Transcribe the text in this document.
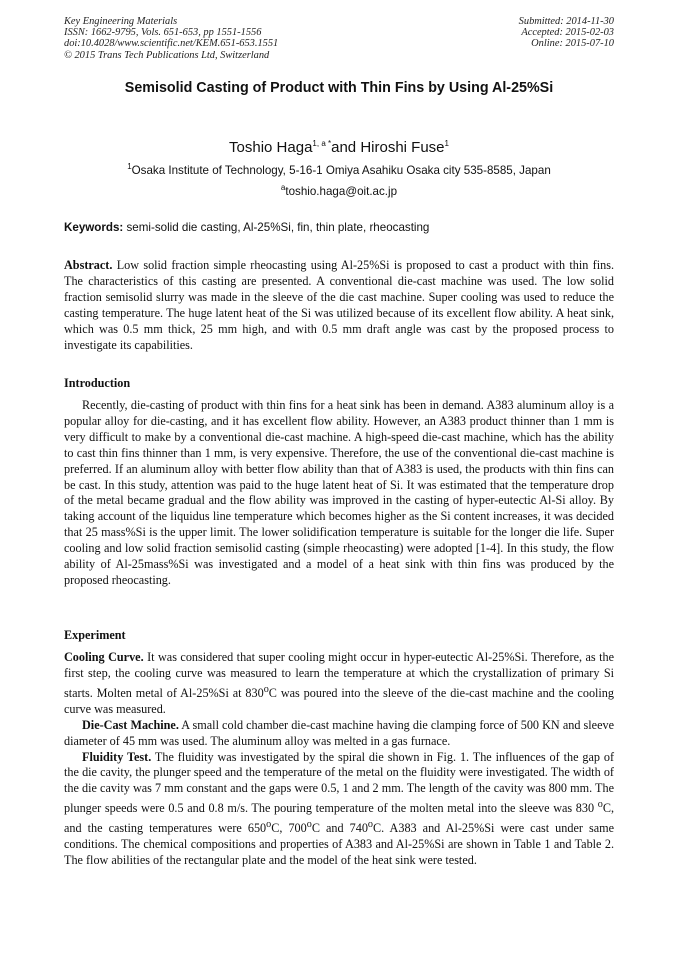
Key Engineering Materials
ISSN: 1662-9795, Vols. 651-653, pp 1551-1556
doi:10.4028/www.scientific.net/KEM.651-653.1551
© 2015 Trans Tech Publications Ltd, Switzerland
Submitted: 2014-11-30
Accepted: 2015-02-03
Online: 2015-07-10
Semisolid Casting of Product with Thin Fins by Using Al-25%Si
Toshio Haga$^{1, a *}$and Hiroshi Fuse$^1$
$^1$Osaka Institute of Technology, 5-16-1 Omiya Asahiku Osaka city 535-8585, Japan
$^a$toshio.haga@oit.ac.jp
Keywords: semi-solid die casting, Al-25%Si, fin, thin plate, rheocasting

Abstract. Low solid fraction simple rheocasting using Al-25%Si is proposed to cast a product with thin fins. The characteristics of this casting are presented. A conventional die-cast machine was used. The low solid fraction semisolid slurry was made in the sleeve of the die cast machine. Super cooling was used to reduce the casting temperature. The huge latent heat of the Si was utilized because of its excellent flow ability. A heat sink, which was 0.5 mm thick, 25 mm high, and with 0.5 mm draft angle was cast by the proposed process to investigate its capabilities.

Introduction

Recently, die-casting of product with thin fins for a heat sink has been in demand. A383 aluminum alloy is a popular alloy for die-casting, and it has excellent flow ability. However, an A383 product thinner than 1 mm is very difficult to make by a conventional die-cast machine. A high-speed die-cast machine, which has the ability to cast thin fins thinner than 1 mm, is very expensive. Therefore, the use of the conventional die-cast machine is preferred. If an aluminum alloy with better flow ability than that of A383 is used, the products with thin fins can be cast. In this study, attention was paid to the huge latent heat of Si. It was estimated that the temperature drop of the metal became gradual and the flow ability was improved in the casting of hyper-eutectic Al-Si alloy. By taking account of the liquidus line temperature which becomes higher as the Si content increases, it was decided that 25 mass%Si is the upper limit. The lower solidification temperature is suitable for the longer die life. Super cooling and low solid fraction semisolid casting (simple rheocasting) were adopted [1-4]. In this study, the flow ability of Al-25mass%Si was investigated and a model of a heat sink with thin fins was produced by the proposed rheocasting.

Experiment

Cooling Curve. It was considered that super cooling might occur in hyper-eutectic Al-25%Si. Therefore, as the first step, the cooling curve was measured to learn the temperature at which the crystallization of primary Si starts. Molten metal of Al-25%Si at 830$^o$C was poured into the sleeve of the die-cast machine and the cooling curve was measured.

Die-Cast Machine. A small cold chamber die-cast machine having die clamping force of 500 KN and sleeve diameter of 45 mm was used. The aluminum alloy was melted in a gas furnace.

Fluidity Test. The fluidity was investigated by the spiral die shown in Fig. 1. The influences of the gap of the die cavity, the plunger speed and the temperature of the metal on the fluidity were investigated. The width of the die cavity was 7 mm constant and the gaps were 0.5, 1 and 2 mm. The length of the cavity was 800 mm. The plunger speeds were 0.5 and 0.8 m/s. The pouring temperature of the molten metal into the sleeve was 830 $^o$C, and the casting temperatures were 650$^o$C, 700$^o$C and 740$^o$C. A383 and Al-25%Si were cast under same conditions. The chemical compositions and properties of A383 and Al-25%Si are shown in Table 1 and Table 2. The flow abilities of the rectangular plate and the model of the heat sink were tested.
